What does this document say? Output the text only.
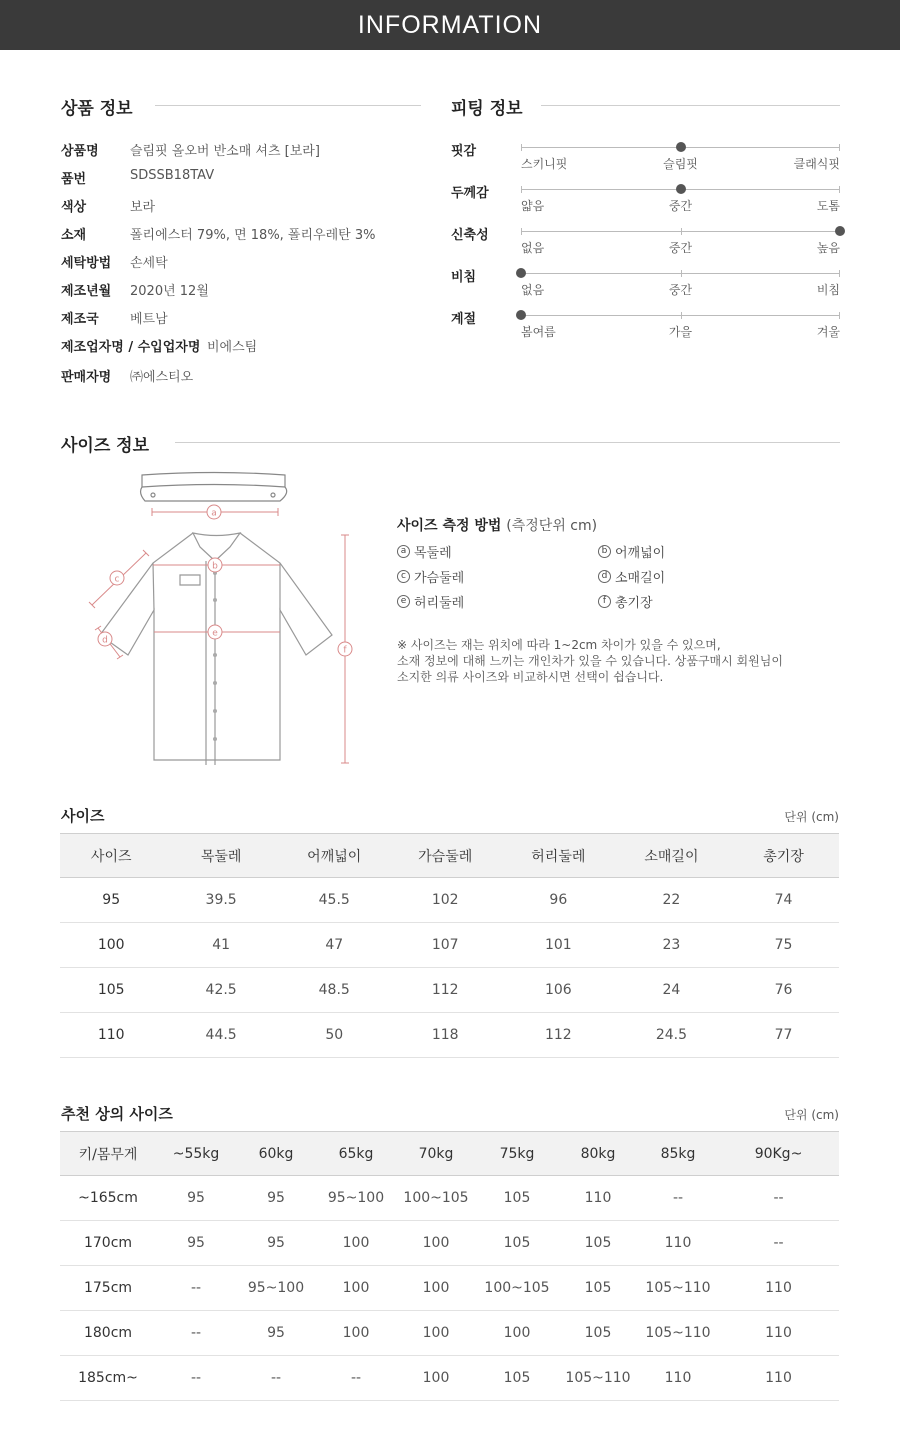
INFORMATION
상품 정보
상품명	슬림핏 올오버 반소매 셔츠 [보라]
품번	SDSSB18TAV
색상	보라
소재	폴리에스터 79%, 면 18%, 폴리우레탄 3%
세탁방법	손세탁
제조년월	2020년 12월
제조국	베트남
제조업자명 / 수입업자명 비에스팀
판매자명	㈜에스티오
피팅 정보
핏감
스키니핏	슬림핏	클래식핏
두께감
얇음	중간	도톰
신축성
없음	중간	높음
비침
없음	중간	비침
계절
봄여름	가을	겨울
사이즈 정보
a
b
c
d
e
f
사이즈 측정 방법 (측정단위 cm)
a 목둘레	b 어깨넓이
c 가슴둘레	d 소매길이
e 허리둘레	f 총기장
※ 사이즈는 재는 위치에 따라 1~2cm 차이가 있을 수 있으며,
소재 정보에 대해 느끼는 개인차가 있을 수 있습니다. 상품구매시 회원님이
소지한 의류 사이즈와 비교하시면 선택이 쉽습니다.
사이즈	단위 (cm)
사이즈	목둘레	어깨넓이	가슴둘레	허리둘레	소매길이	총기장
95	39.5	45.5	102	96	22	74
100	41	47	107	101	23	75
105	42.5	48.5	112	106	24	76
110	44.5	50	118	112	24.5	77
추천 상의 사이즈	단위 (cm)
키/몸무게	~55kg	60kg	65kg	70kg	75kg	80kg	85kg	90Kg~
~165cm	95	95	95~100	100~105	105	110	--	--
170cm	95	95	100	100	105	105	110	--
175cm	--	95~100	100	100	100~105	105	105~110	110
180cm	--	95	100	100	100	105	105~110	110
185cm~	--	--	--	100	105	105~110	110	110
